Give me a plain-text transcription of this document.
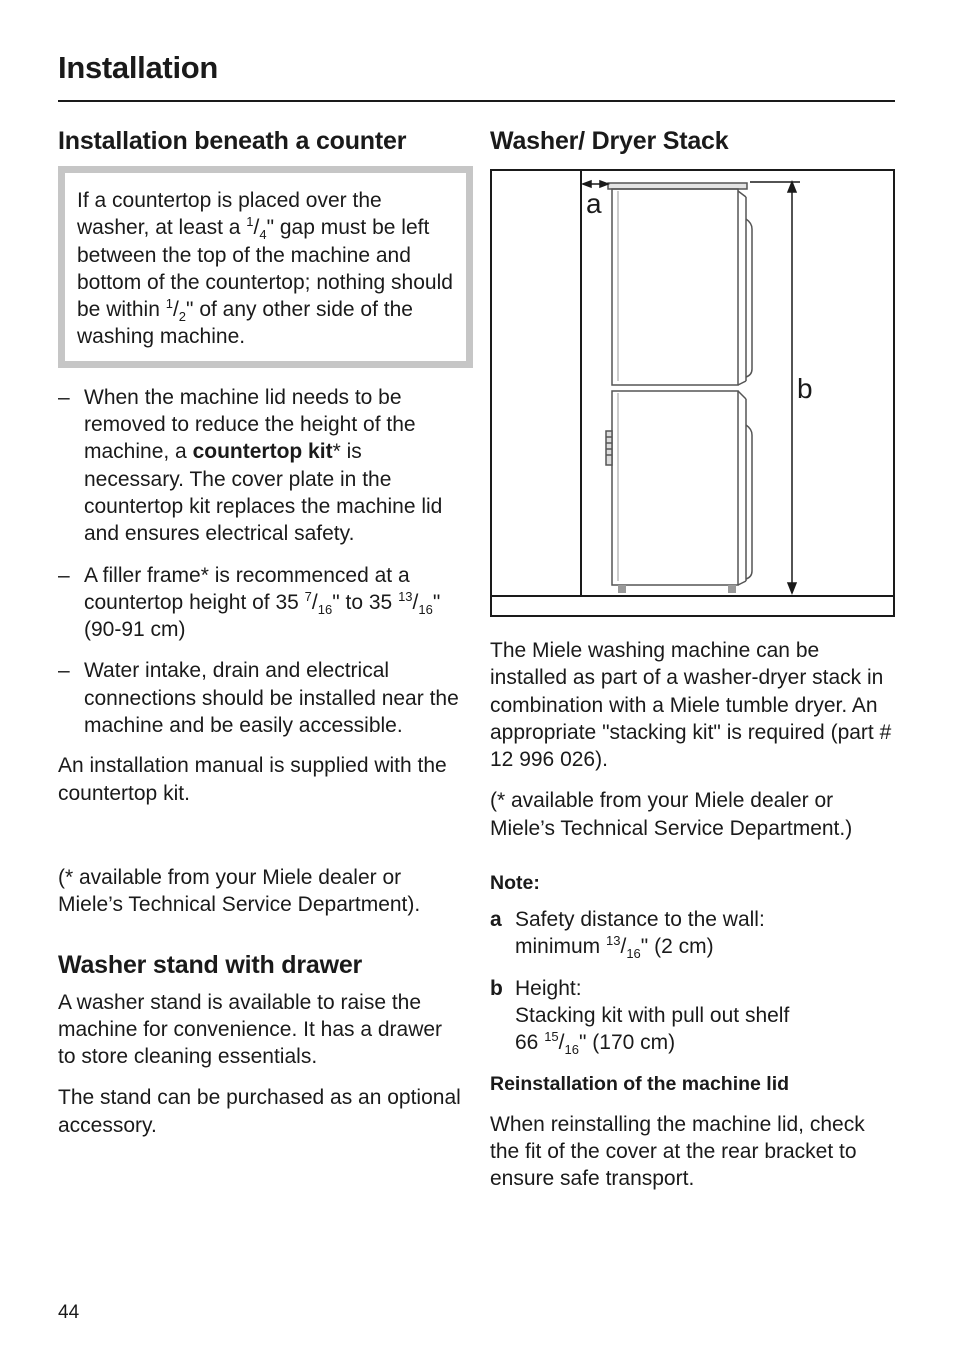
Installation
Installation beneath a counter

If a countertop is placed over the washer, at least a $^1/_4$" gap must be left between the top of the machine and bottom of the countertop; nothing should be within $^1/_2$" of any other side of the washing machine.

– When the machine lid needs to be removed to reduce the height of the machine, a countertop kit* is necessary. The cover plate in the countertop kit replaces the machine lid and ensures electrical safety.
– A filler frame* is recommenced at a countertop height of 35 $^7/_{16}$" to 35 $^{13}/_{16}$" (90-91 cm)
– Water intake, drain and electrical connections should be installed near the machine and be easily accessible.

An installation manual is supplied with the countertop kit.

(* available from your Miele dealer or Miele’s Technical Service Department).

Washer stand with drawer

A washer stand is available to raise the machine for convenience. It has a drawer to store cleaning essentials.

The stand can be purchased as an optional accessory.

Washer/ Dryer Stack
a
b

The Miele washing machine can be installed as part of a washer-dryer stack in combination with a Miele tumble dryer. An appropriate "stacking kit" is required (part # 12 996 026).

(* available from your Miele dealer or Miele’s Technical Service Department.)

Note:
a Safety distance to the wall:
minimum $^{13}/_{16}$" (2 cm)
b Height:
Stacking kit with pull out shelf
66 $^{15}/_{16}$" (170 cm)
Reinstallation of the machine lid

When reinstalling the machine lid, check the fit of the cover at the rear bracket to ensure safe transport.

44
